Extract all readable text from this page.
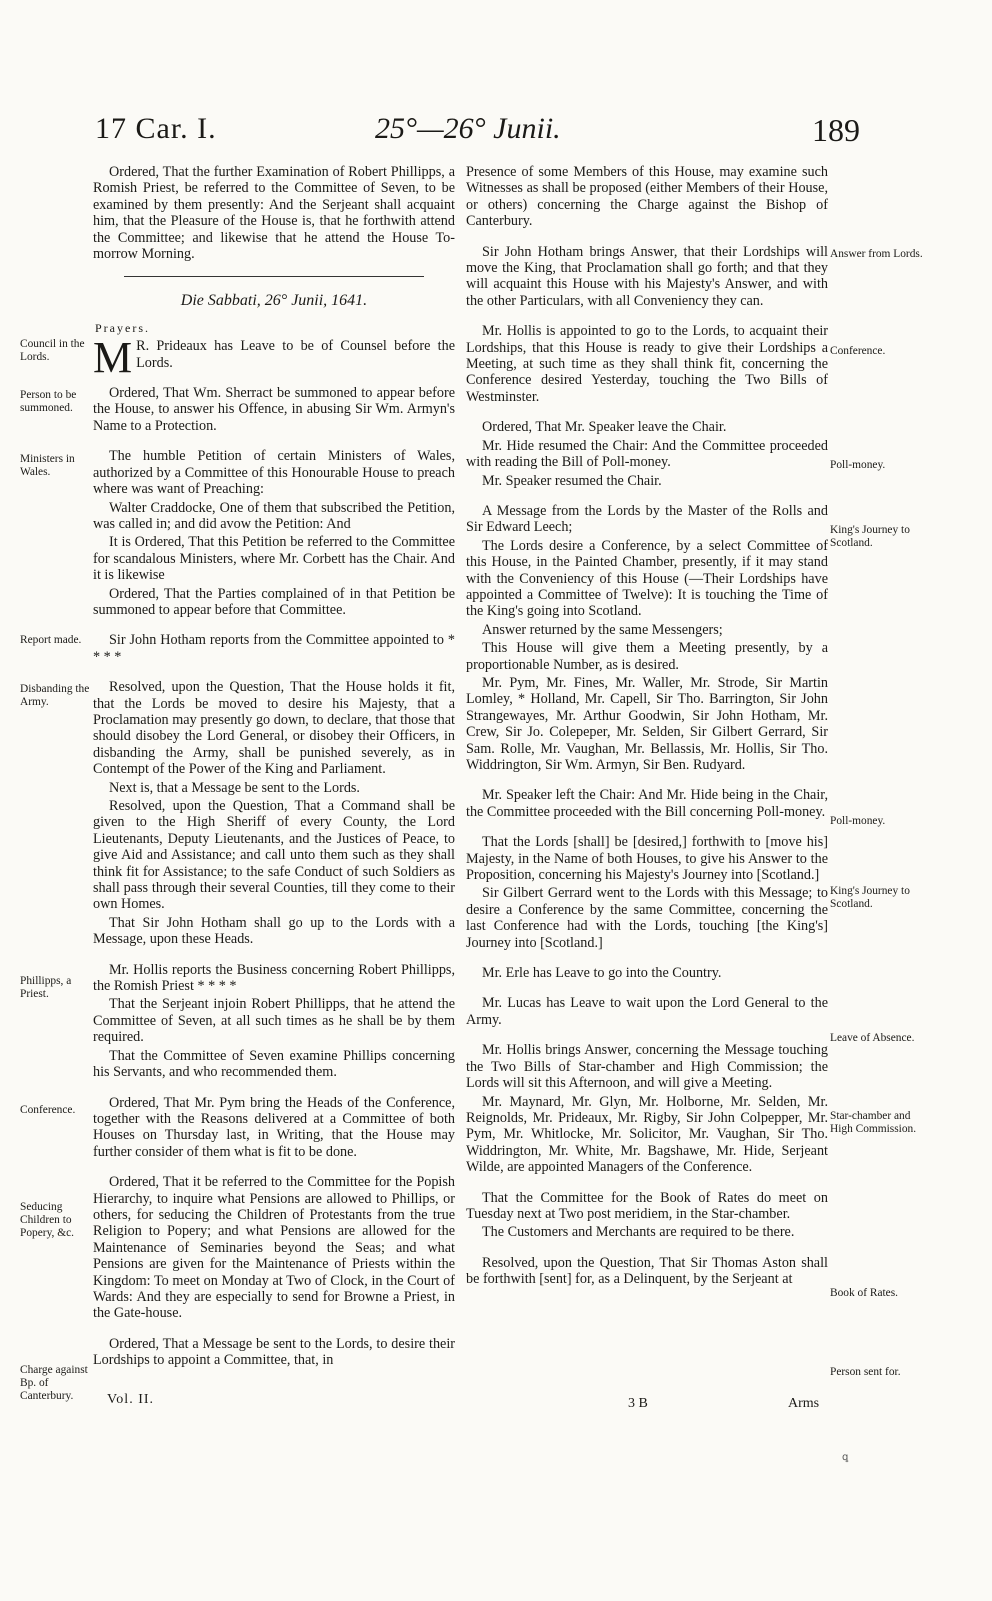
17 Car. I.	25°—26° Junii.	189

Ordered, That the further Examination of Robert Phillipps, a Romish Priest, be referred to the Committee of Seven, to be examined by them presently: And the Serjeant shall acquaint him, that the Pleasure of the House is, that he forthwith attend the Committee; and likewise that he attend the House To-morrow Morning.

Die Sabbati, 26° Junii, 1641.
Prayers.

M R. Prideaux has Leave to be of Counsel before the Lords.

Ordered, That Wm. Sherract be summoned to appear before the House, to answer his Offence, in abusing Sir Wm. Armyn's Name to a Protection.

The humble Petition of certain Ministers of Wales, authorized by a Committee of this Honourable House to preach where was want of Preaching:

Walter Craddocke, One of them that subscribed the Petition, was called in; and did avow the Petition: And

It is Ordered, That this Petition be referred to the Committee for scandalous Ministers, where Mr. Corbett has the Chair. And it is likewise

Ordered, That the Parties complained of in that Petition be summoned to appear before that Committee.

Sir John Hotham reports from the Committee appointed to * * * *

Resolved, upon the Question, That the House holds it fit, that the Lords be moved to desire his Majesty, that a Proclamation may presently go down, to declare, that those that should disobey the Lord General, or disobey their Officers, in disbanding the Army, shall be punished severely, as in Contempt of the Power of the King and Parliament.

Next is, that a Message be sent to the Lords.

Resolved, upon the Question, That a Command shall be given to the High Sheriff of every County, the Lord Lieutenants, Deputy Lieutenants, and the Justices of Peace, to give Aid and Assistance; and call unto them such as they shall think fit for Assistance; to the safe Conduct of such Soldiers as shall pass through their several Counties, till they come to their own Homes.

That Sir John Hotham shall go up to the Lords with a Message, upon these Heads.

Mr. Hollis reports the Business concerning Robert Phillipps, the Romish Priest * * * *

That the Serjeant injoin Robert Phillipps, that he attend the Committee of Seven, at all such times as he shall be by them required.

That the Committee of Seven examine Phillips concerning his Servants, and who recommended them.

Ordered, That Mr. Pym bring the Heads of the Conference, together with the Reasons delivered at a Committee of both Houses on Thursday last, in Writing, that the House may further consider of them what is fit to be done.

Ordered, That it be referred to the Committee for the Popish Hierarchy, to inquire what Pensions are allowed to Phillips, or others, for seducing the Children of Protestants from the true Religion to Popery; and what Pensions are allowed for the Maintenance of Seminaries beyond the Seas; and what Pensions are given for the Maintenance of Priests within the Kingdom: To meet on Monday at Two of Clock, in the Court of Wards: And they are especially to send for Browne a Priest, in the Gate-house.

Ordered, That a Message be sent to the Lords, to desire their Lordships to appoint a Committee, that, in

Presence of some Members of this House, may examine such Witnesses as shall be proposed (either Members of their House, or others) concerning the Charge against the Bishop of Canterbury.

Sir John Hotham brings Answer, that their Lordships will move the King, that Proclamation shall go forth; and that they will acquaint this House with his Majesty's Answer, and with the other Particulars, with all Conveniency they can.

Mr. Hollis is appointed to go to the Lords, to acquaint their Lordships, that this House is ready to give their Lordships a Meeting, at such time as they shall think fit, concerning the Conference desired Yesterday, touching the Two Bills of Westminster.

Ordered, That Mr. Speaker leave the Chair.

Mr. Hide resumed the Chair: And the Committee proceeded with reading the Bill of Poll-money.

Mr. Speaker resumed the Chair.

A Message from the Lords by the Master of the Rolls and Sir Edward Leech;

The Lords desire a Conference, by a select Committee of this House, in the Painted Chamber, presently, if it may stand with the Conveniency of this House (—Their Lordships have appointed a Committee of Twelve): It is touching the Time of the King's going into Scotland.

Answer returned by the same Messengers;

This House will give them a Meeting presently, by a proportionable Number, as is desired.

Mr. Pym, Mr. Fines, Mr. Waller, Mr. Strode, Sir Martin Lomley, * Holland, Mr. Capell, Sir Tho. Barrington, Sir John Strangewayes, Mr. Arthur Goodwin, Sir John Hotham, Mr. Crew, Sir Jo. Colepeper, Mr. Selden, Sir Gilbert Gerrard, Sir Sam. Rolle, Mr. Vaughan, Mr. Bellassis, Mr. Hollis, Sir Tho. Widdrington, Sir Wm. Armyn, Sir Ben. Rudyard.

Mr. Speaker left the Chair: And Mr. Hide being in the Chair, the Committee proceeded with the Bill concerning Poll-money.

That the Lords [shall] be [desired,] forthwith to [move his] Majesty, in the Name of both Houses, to give his Answer to the Proposition, concerning his Majesty's Journey into [Scotland.]

Sir Gilbert Gerrard went to the Lords with this Message; to desire a Conference by the same Committee, concerning the last Conference had with the Lords, touching [the King's] Journey into [Scotland.]

Mr. Erle has Leave to go into the Country.

Mr. Lucas has Leave to wait upon the Lord General to the Army.

Mr. Hollis brings Answer, concerning the Message touching the Two Bills of Star-chamber and High Commission; the Lords will sit this Afternoon, and will give a Meeting.

Mr. Maynard, Mr. Glyn, Mr. Holborne, Mr. Selden, Mr. Reignolds, Mr. Prideaux, Mr. Rigby, Sir John Colpepper, Mr. Pym, Mr. Whitlocke, Mr. Solicitor, Mr. Vaughan, Sir Tho. Widdrington, Mr. White, Mr. Bagshawe, Mr. Hide, Serjeant Wilde, are appointed Managers of the Conference.

That the Committee for the Book of Rates do meet on Tuesday next at Two post meridiem, in the Star-chamber.

The Customers and Merchants are required to be there.

Resolved, upon the Question, That Sir Thomas Aston shall be forthwith [sent] for, as a Delinquent, by the Serjeant at

Council in the Lords.
Person to be summoned.
Ministers in Wales.
Report made.
Disbanding the Army.
Phillipps, a Priest.
Conference.
Seducing Children to Popery, &c.
Charge against Bp. of Canterbury.
Answer from Lords.
Conference.
Poll-money.
King's Journey to Scotland.
Poll-money.
King's Journey to Scotland.
Leave of Absence.
Star-chamber and High Commission.
Book of Rates.
Person sent for.
Vol. II.	3 B	Arms
ꝗ
